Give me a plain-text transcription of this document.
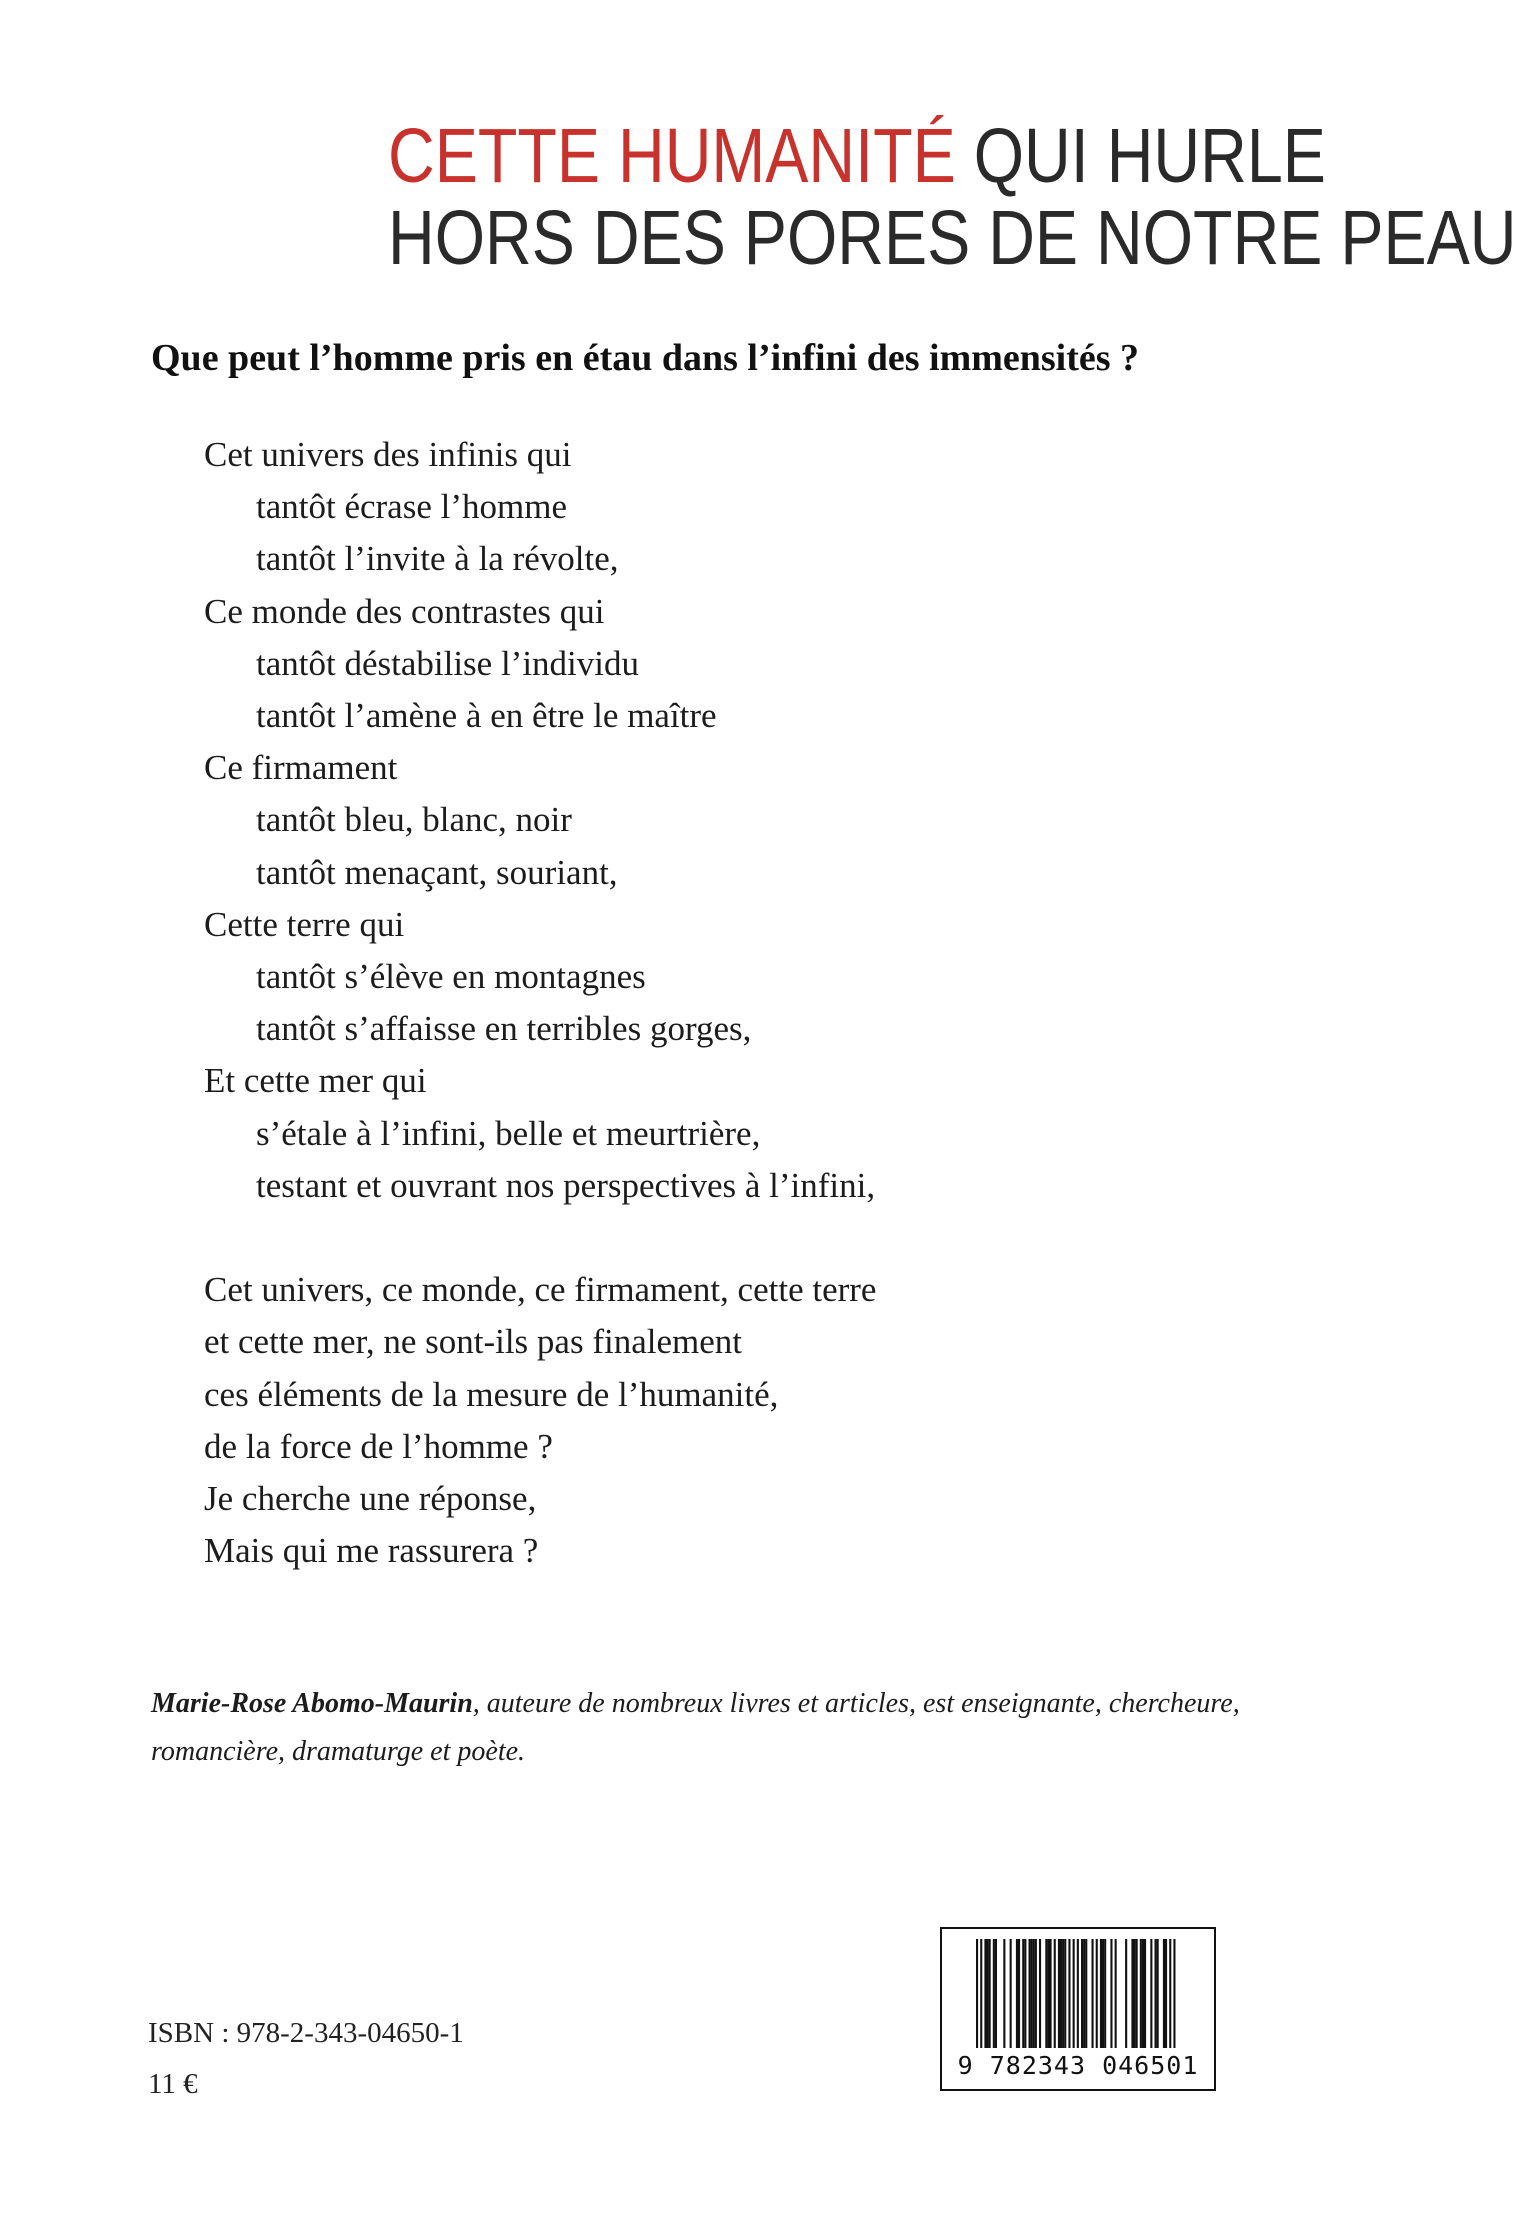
CETTE HUMANITÉ QUI HURLE
HORS DES PORES DE NOTRE PEAU
Que peut l’homme pris en étau dans l’infini des immensités ?
Cet univers des infinis qui
tantôt écrase l’homme
tantôt l’invite à la révolte,
Ce monde des contrastes qui
tantôt déstabilise l’individu
tantôt l’amène à en être le maître
Ce firmament
tantôt bleu, blanc, noir
tantôt menaçant, souriant,
Cette terre qui
tantôt s’élève en montagnes
tantôt s’affaisse en terribles gorges,
Et cette mer qui
s’étale à l’infini, belle et meurtrière,
testant et ouvrant nos perspectives à l’infini,
Cet univers, ce monde, ce firmament, cette terre
et cette mer, ne sont-ils pas finalement
ces éléments de la mesure de l’humanité,
de la force de l’homme ?
Je cherche une réponse,
Mais qui me rassurera ?
Marie-Rose Abomo-Maurin, auteure de nombreux livres et articles, est enseignante, chercheure, romancière, dramaturge et poète.
ISBN : 978-2-343-04650-1
11 €
9 782343 046501
